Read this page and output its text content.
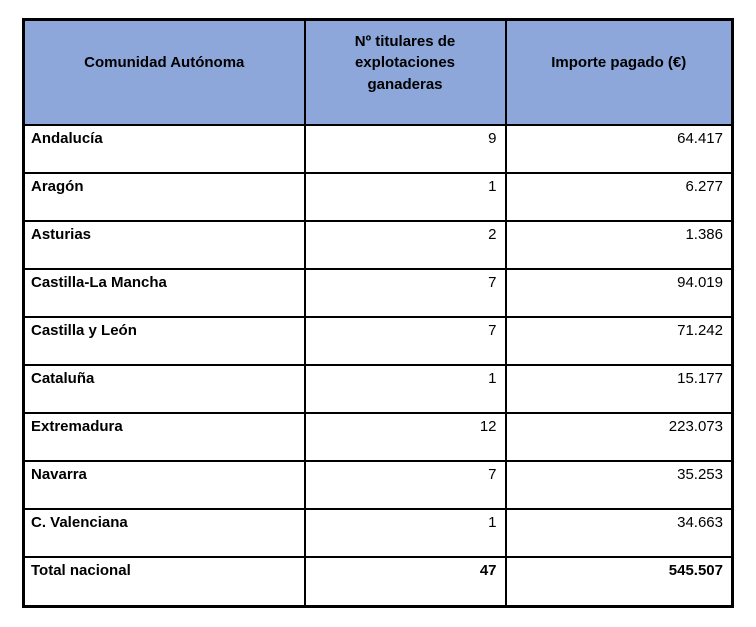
Comunidad Autónoma	Nº titulares de explotaciones ganaderas	Importe pagado (€)
Andalucía	9	64.417
Aragón	1	6.277
Asturias	2	1.386
Castilla-La Mancha	7	94.019
Castilla y León	7	71.242
Cataluña	1	15.177
Extremadura	12	223.073
Navarra	7	35.253
C. Valenciana	1	34.663
Total nacional	47	545.507
